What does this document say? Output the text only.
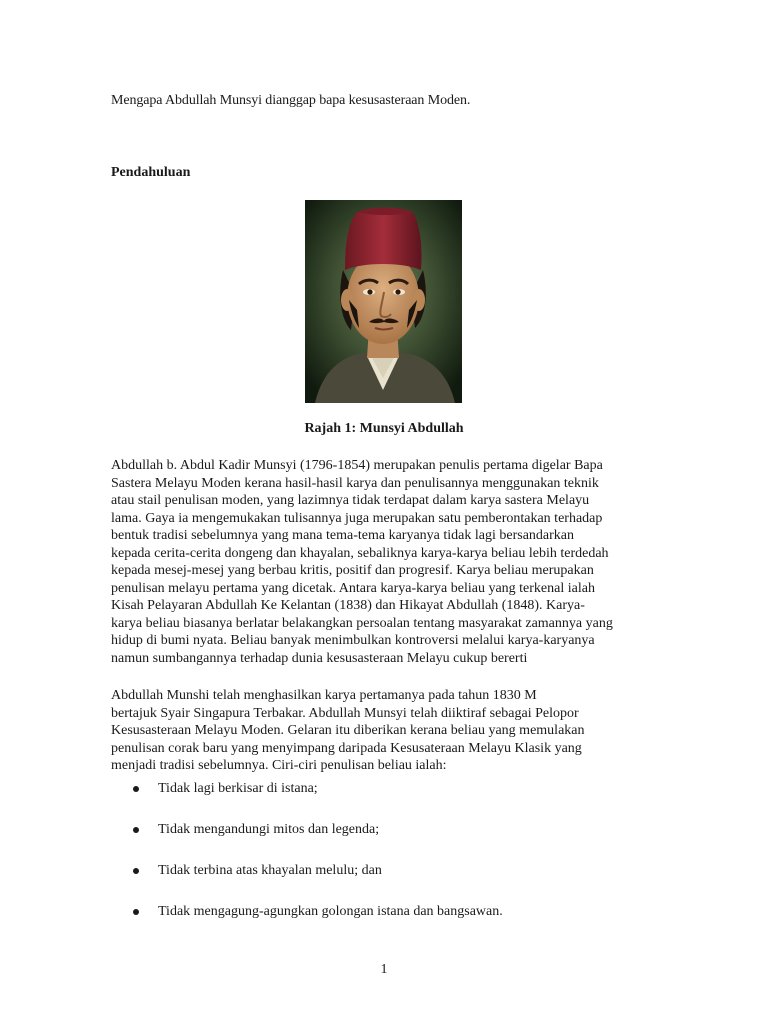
Mengapa Abdullah Munsyi dianggap bapa kesusasteraan Moden.
Pendahuluan
Rajah 1: Munsyi Abdullah
Abdullah b. Abdul Kadir Munsyi (1796-1854) merupakan penulis pertama digelar Bapa
Sastera Melayu Moden kerana hasil-hasil karya dan penulisannya menggunakan teknik
atau stail penulisan moden, yang lazimnya tidak terdapat dalam karya sastera Melayu
lama. Gaya ia mengemukakan tulisannya juga merupakan satu pemberontakan terhadap
bentuk tradisi sebelumnya yang mana tema-tema karyanya tidak lagi bersandarkan
kepada cerita-cerita dongeng dan khayalan, sebaliknya karya-karya beliau lebih terdedah
kepada mesej-mesej yang berbau kritis, positif dan progresif. Karya beliau merupakan
penulisan melayu pertama yang dicetak. Antara karya-karya beliau yang terkenal ialah
Kisah Pelayaran Abdullah Ke Kelantan (1838) dan Hikayat Abdullah (1848). Karya-
karya beliau biasanya berlatar belakangkan persoalan tentang masyarakat zamannya yang
hidup di bumi nyata. Beliau banyak menimbulkan kontroversi melalui karya-karyanya
namun sumbangannya terhadap dunia kesusasteraan Melayu cukup bererti
Abdullah Munshi telah menghasilkan karya pertamanya pada tahun 1830 M
bertajuk Syair Singapura Terbakar. Abdullah Munsyi telah diiktiraf sebagai Pelopor
Kesusasteraan Melayu Moden. Gelaran itu diberikan kerana beliau yang memulakan
penulisan corak baru yang menyimpang daripada Kesusateraan Melayu Klasik yang
menjadi tradisi sebelumnya. Ciri-ciri penulisan beliau ialah:
Tidak lagi berkisar di istana;
Tidak mengandungi mitos dan legenda;
Tidak terbina atas khayalan melulu; dan
Tidak mengagung-agungkan golongan istana dan bangsawan.
1
